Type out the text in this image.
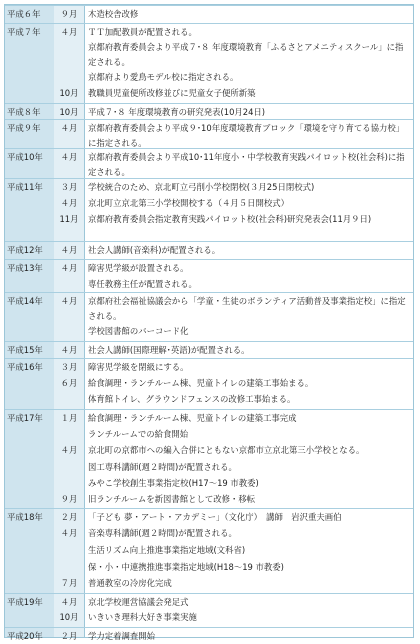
平成６年	９月	木造校舎改修
平成７年	４月	ＴＴ加配教員が配置される。
京都府教育委員会より平成７･８ 年度環境教育「ふるさとアメニティスクール」に指定される。
京都府より愛鳥モデル校に指定される。
10月	教職員児童便所改修並びに児童女子便所新築
平成８年	10月	平成７･８ 年度環境教育の研究発表(10月24日)
平成９年	４月	京都府教育委員会より平成９･10年度環境教育ブロック「環境を守り育てる協力校」に指定される。
平成10年	４月	京都府教育委員会より平成10･11年度小・中学校教育実践パイロット校(社会科)に指定される。
平成11年	３月	学校統合のため、京北町立弓削小学校閉校(３月25日閉校式)
４月	京北町立京北第三小学校開校する（４月５日開校式）
11月	京都府教育委員会指定教育実践パイロット校(社会科)研究発表会(11月９日)
平成12年	４月	社会人講師(音楽科)が配置される。
平成13年	４月	障害児学級が設置される。
専任教務主任が配置される。
平成14年	４月	京都府社会福祉協議会から「学童・生徒のボランティア活動普及事業指定校」に指定される。
学校図書館のバーコード化
平成15年	４月	社会人講師(国際理解･英語)が配置される。
平成16年	３月	障害児学級を閉級にする。
６月	給食調理・ランチルーム棟、児童トイレの建築工事始まる。
体育館トイレ、グラウンドフェンスの改修工事始まる。
平成17年	１月	給食調理・ランチルーム棟、児童トイレの建築工事完成
ランチルームでの給食開始
４月	京北町の京都市への編入合併にともない京都市立京北第三小学校となる。
図工専科講師(週２時間)が配置される。
みやこ学校創生事業指定校(H17～19 市教委)
９月	旧ランチルームを新図書館として改修・移転
平成18年	２月	「子ども 夢・アート・アカデミー」（文化庁）　講師　岩沢重夫画伯
４月	音楽専科講師(週２時間)が配置される。
生活リズム向上推進事業指定地域(文科省)
保・小・中連携推進事業指定地域(H18～19 市教委)
７月	普通教室の冷房化完成
平成19年	４月	京北学校運営協議会発足式
10月	いきいき理科大好き事業実施
平成20年	２月	学力定着調査開始
